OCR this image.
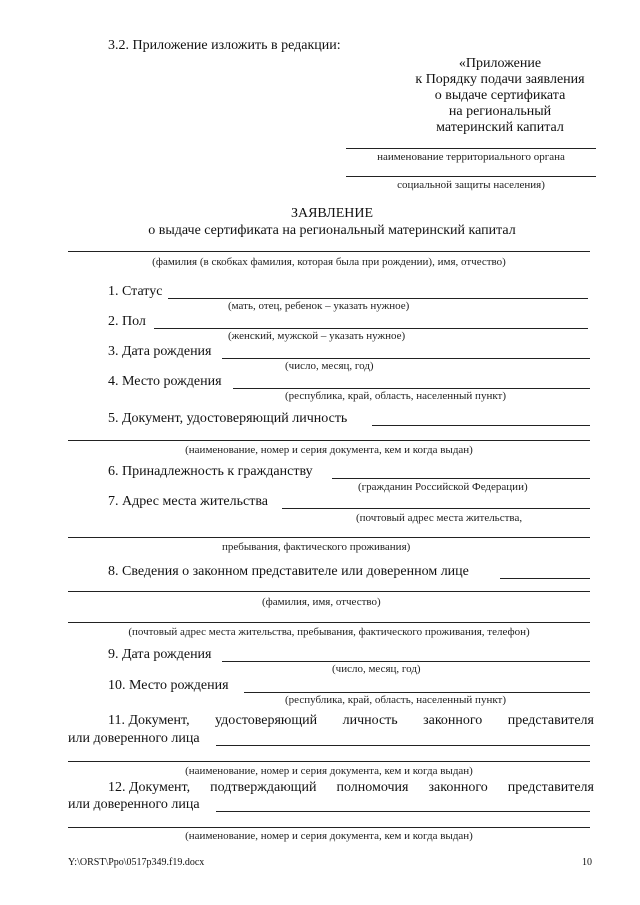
3.2. Приложение изложить в редакции:
«Приложение
к Порядку подачи заявления
о выдаче сертификата
на региональный
материнский капитал
наименование территориального органа
социальной защиты населения)
ЗАЯВЛЕНИЕ
о выдаче сертификата на региональный материнский капитал
(фамилия (в скобках фамилия, которая была при рождении), имя, отчество)
1. Статус
(мать, отец, ребенок – указать нужное)
2. Пол
(женский, мужской – указать нужное)
3. Дата рождения
(число, месяц, год)
4. Место рождения
(республика, край, область, населенный пункт)
5. Документ, удостоверяющий личность
(наименование, номер и серия документа, кем и когда выдан)
6. Принадлежность к гражданству
(гражданин Российской Федерации)
7. Адрес места жительства
(почтовый адрес места жительства,
пребывания, фактического проживания)
8. Сведения о законном представителе или доверенном лице
(фамилия, имя, отчество)
(почтовый адрес места жительства, пребывания, фактического проживания, телефон)
9. Дата рождения
(число, месяц, год)
10. Место рождения
(республика, край, область, населенный пункт)
11. Документ, удостоверяющий личность законного представителя
или доверенного лица
(наименование, номер и серия документа, кем и когда выдан)
12. Документ, подтверждающий полномочия законного представителя
или доверенного лица
(наименование, номер и серия документа, кем и когда выдан)
Y:\ORST\Ppo\0517p349.f19.docx	10
